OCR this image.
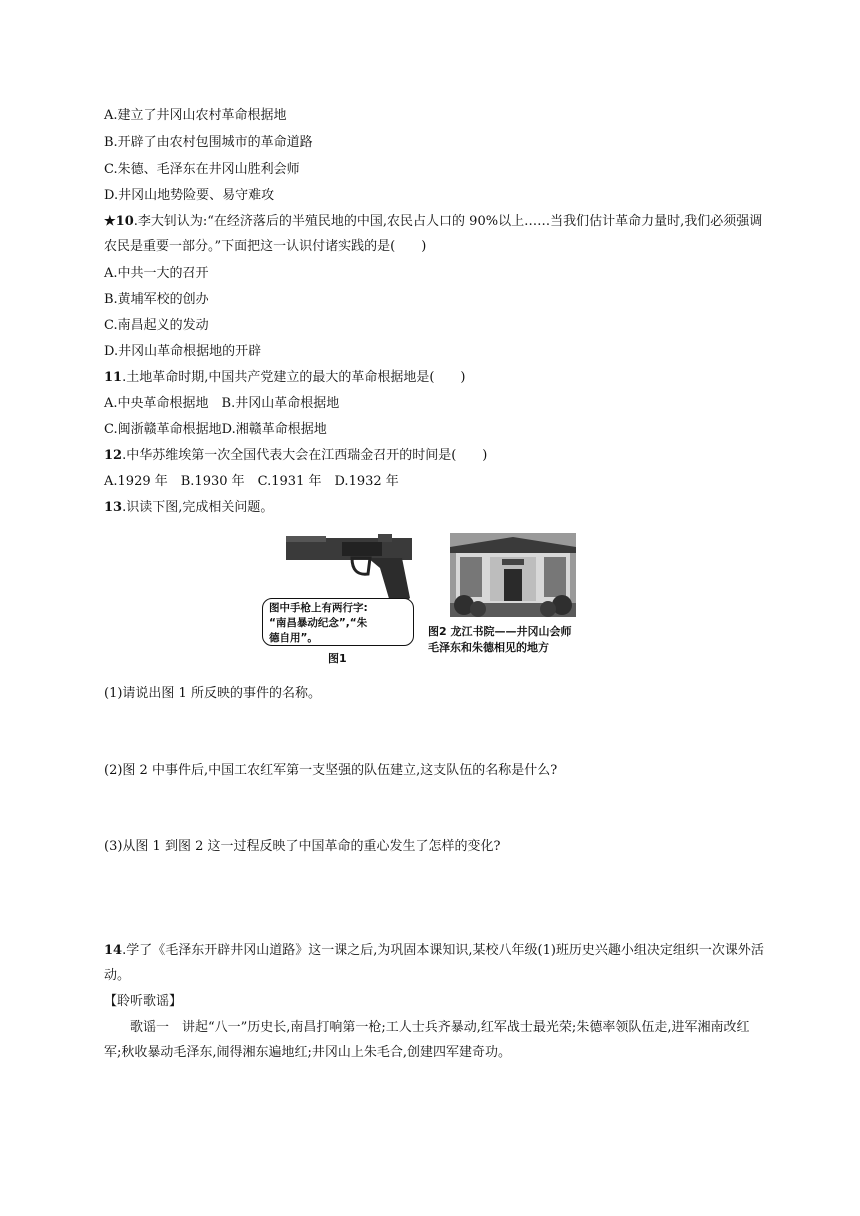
A.建立了井冈山农村革命根据地
B.开辟了由农村包围城市的革命道路
C.朱德、毛泽东在井冈山胜利会师
D.井冈山地势险要、易守难攻
★10.李大钊认为:“在经济落后的半殖民地的中国,农民占人口的 90%以上……当我们估计革命力量时,我们必须强调
农民是重要一部分。”下面把这一认识付诸实践的是(　　)
A.中共一大的召开
B.黄埔军校的创办
C.南昌起义的发动
D.井冈山革命根据地的开辟
11.土地革命时期,中国共产党建立的最大的革命根据地是(　　)
A.中央革命根据地　B.井冈山革命根据地
C.闽浙赣革命根据地D.湘赣革命根据地
12.中华苏维埃第一次全国代表大会在江西瑞金召开的时间是(　　)
A.1929 年　B.1930 年　C.1931 年　D.1932 年
13.识读下图,完成相关问题。
图中手枪上有两行字:
“南昌暴动纪念”,“朱
德自用”。
图1
图2 龙江书院——井冈山会师
毛泽东和朱德相见的地方
(1)请说出图 1 所反映的事件的名称。
(2)图 2 中事件后,中国工农红军第一支坚强的队伍建立,这支队伍的名称是什么?
(3)从图 1 到图 2 这一过程反映了中国革命的重心发生了怎样的变化?
14.学了《毛泽东开辟井冈山道路》这一课之后,为巩固本课知识,某校八年级(1)班历史兴趣小组决定组织一次课外活
动。
【聆听歌谣】
歌谣一　讲起“八一”历史长,南昌打响第一枪;工人士兵齐暴动,红军战士最光荣;朱德率领队伍走,进军湘南改红
军;秋收暴动毛泽东,闹得湘东遍地红;井冈山上朱毛合,创建四军建奇功。
